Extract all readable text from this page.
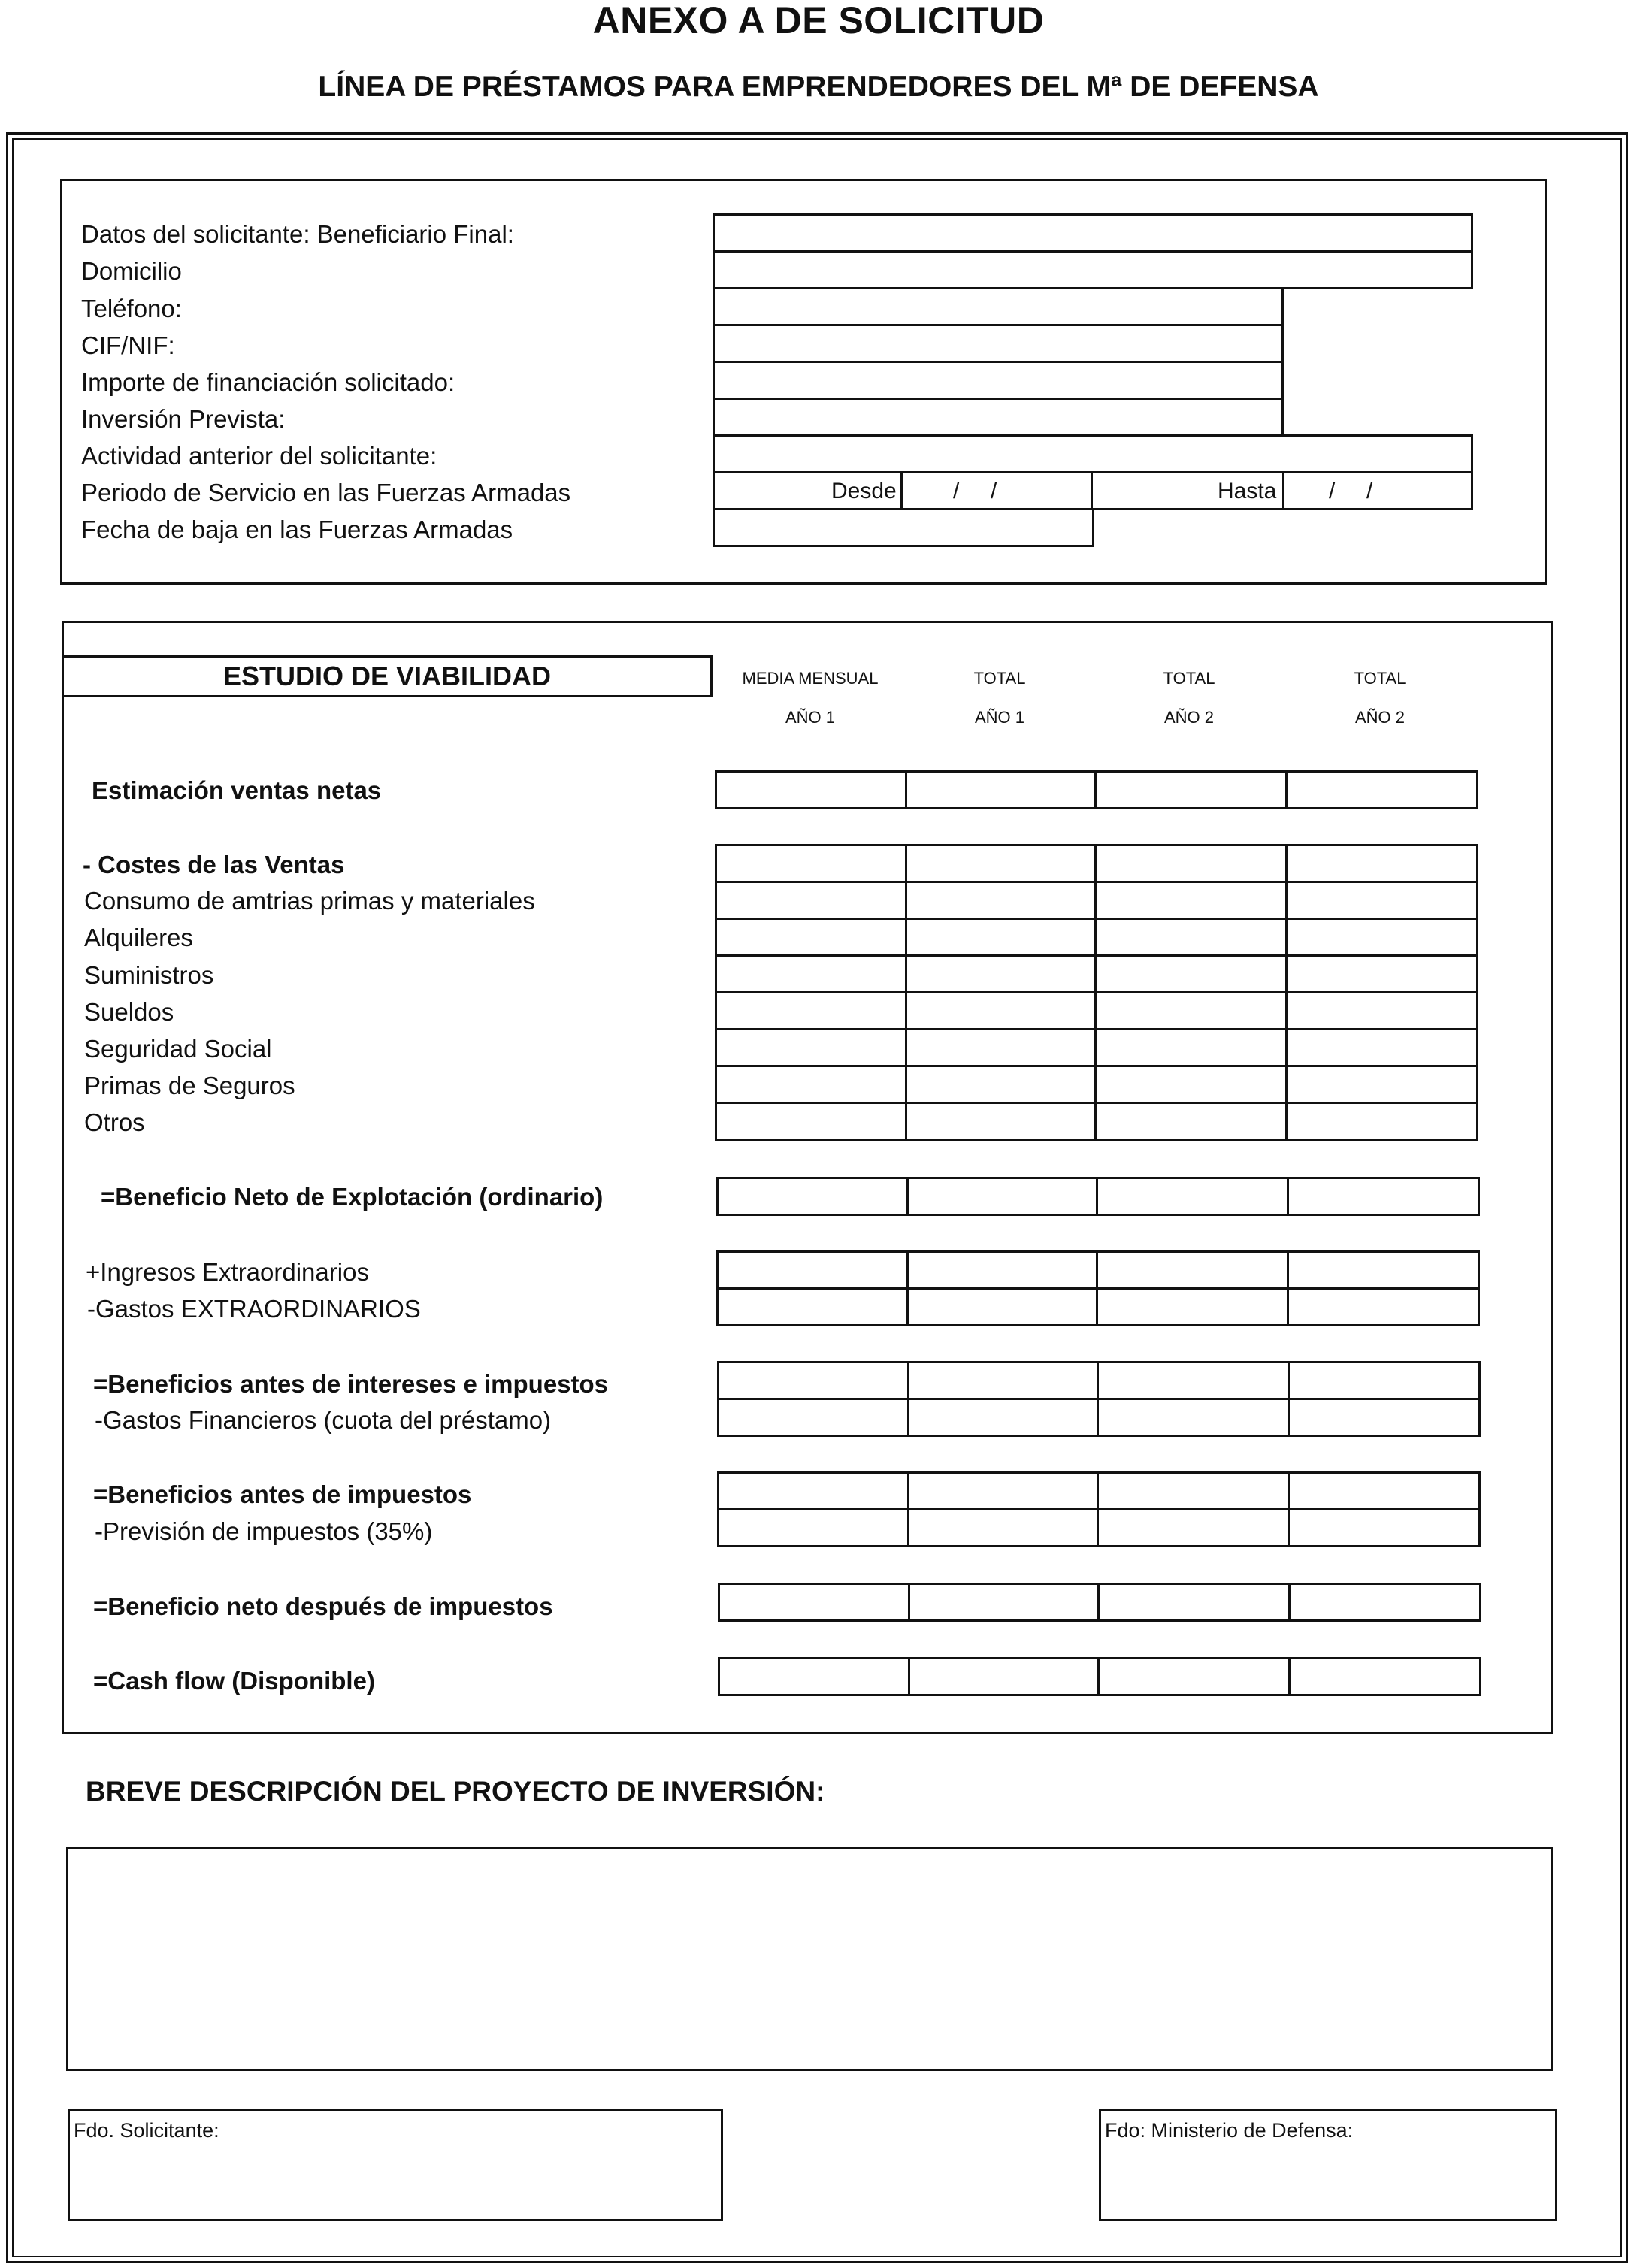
ANEXO A DE SOLICITUD
LÍNEA DE PRÉSTAMOS PARA EMPRENDEDORES DEL Mª DE DEFENSA
Datos del solicitante: Beneficiario Final:
Domicilio
Teléfono:
CIF/NIF:
Importe de financiación solicitado:
Inversión Prevista:
Actividad anterior del solicitante:
Periodo de Servicio en las Fuerzas Armadas
Fecha de baja en las Fuerzas Armadas
Desde	/     /	Hasta /     /
ESTUDIO DE VIABILIDAD	MEDIA MENSUAL
AÑO 1
TOTAL
AÑO 1
TOTAL
AÑO 2
TOTAL
AÑO 2
Estimación ventas netas
- Costes de las Ventas
Consumo de amtrias primas y materiales
Alquileres
Suministros
Sueldos
Seguridad Social
Primas de Seguros
Otros
=Beneficio Neto de Explotación (ordinario)
+Ingresos Extraordinarios
-Gastos EXTRAORDINARIOS
=Beneficios antes de intereses e impuestos
-Gastos Financieros (cuota del préstamo)
=Beneficios antes de impuestos
-Previsión de impuestos (35%)
=Beneficio neto después de impuestos
=Cash flow (Disponible)
BREVE DESCRIPCIÓN DEL PROYECTO DE INVERSIÓN:
Fdo. Solicitante:	Fdo: Ministerio de Defensa:
